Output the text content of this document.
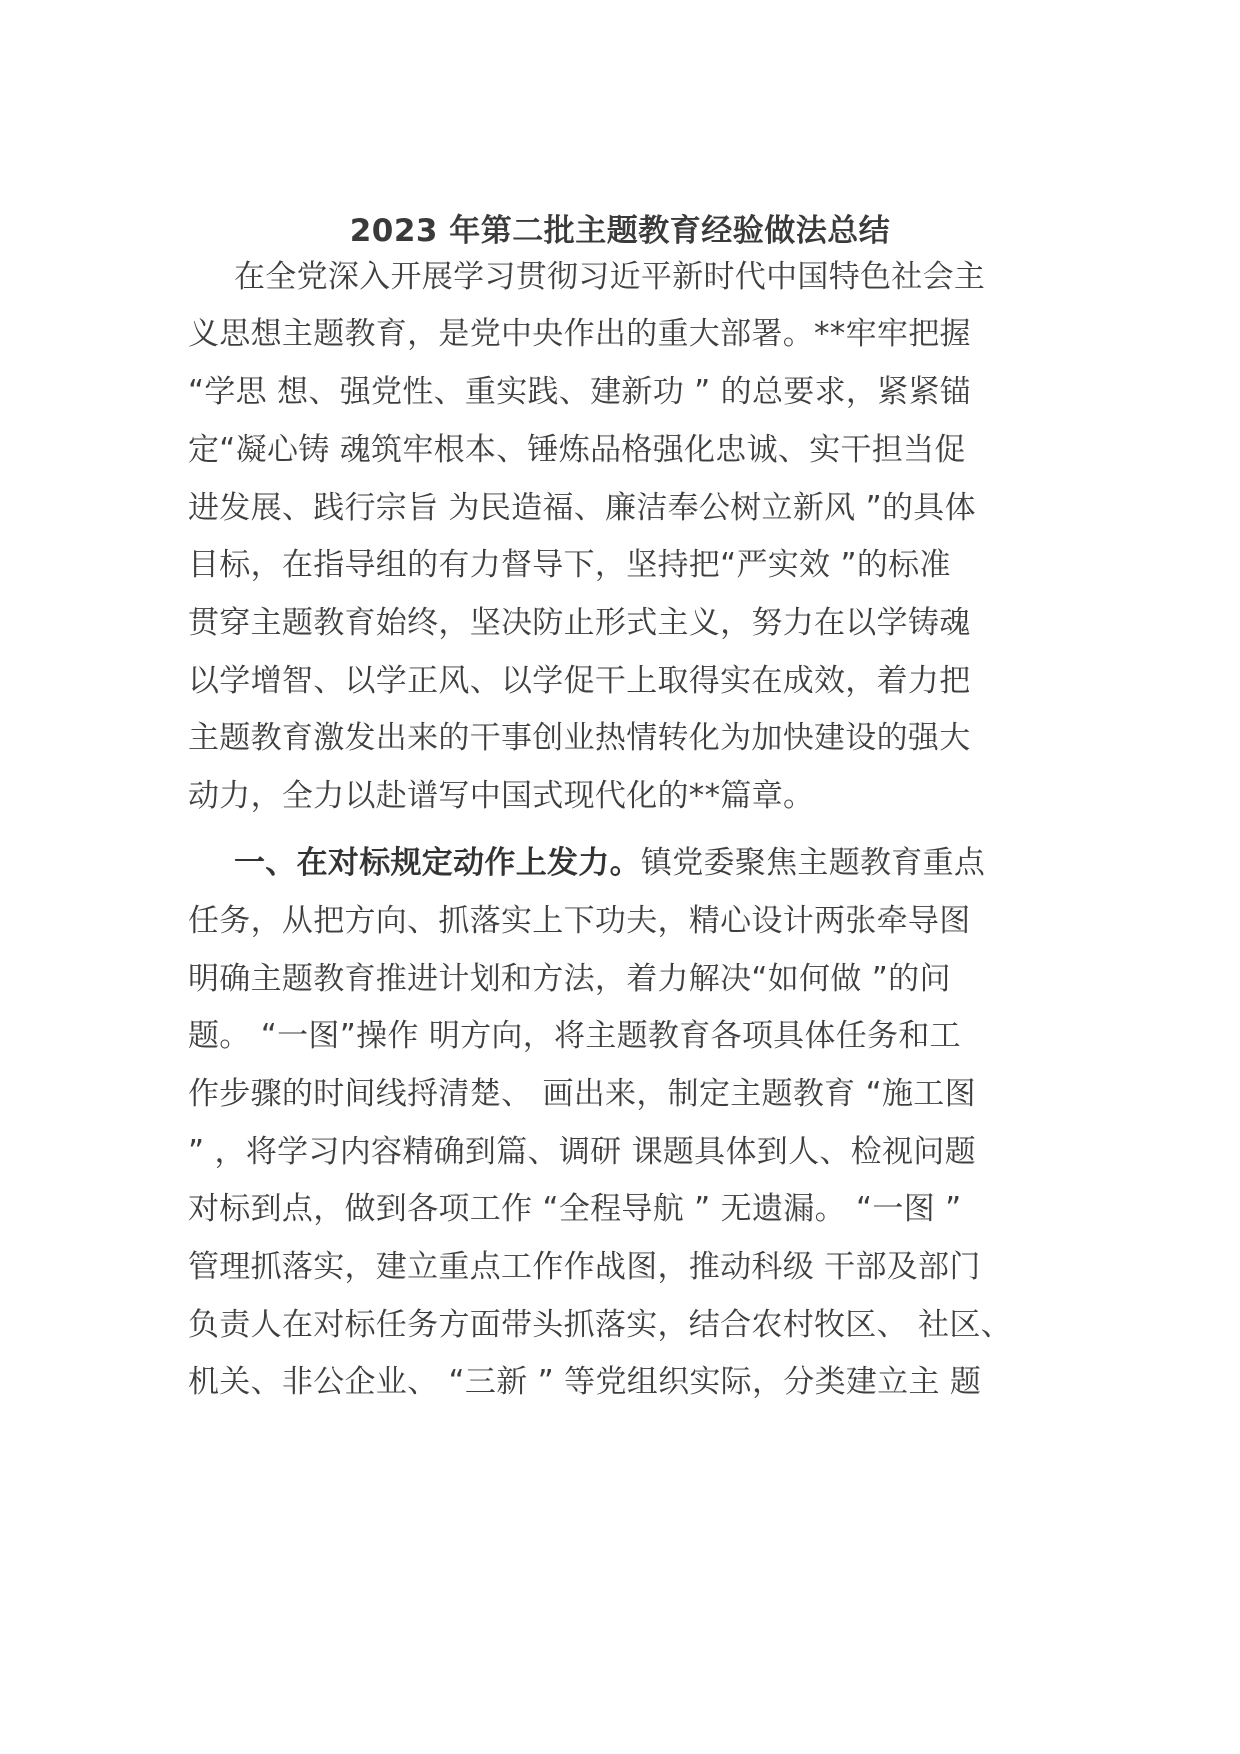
2023 年第二批主题教育经验做法总结
在全党深入开展学习贯彻习近平新时代中国特色社会主
义思想主题教育，是党中央作出的重大部署。**牢牢把握
“学思 想、强党性、重实践、建新功 ” 的总要求，紧紧锚
定“凝心铸 魂筑牢根本、锤炼品格强化忠诚、实干担当促
进发展、践行宗旨 为民造福、廉洁奉公树立新风 ”的具体
目标，在指导组的有力督导下，坚持把“严实效 ”的标准
贯穿主题教育始终，坚决防止形式主义，努力在以学铸魂
以学增智、以学正风、以学促干上取得实在成效，着力把
主题教育激发出来的干事创业热情转化为加快建设的强大
动力，全力以赴谱写中国式现代化的**篇章。
一、在对标规定动作上发力。镇党委聚焦主题教育重点
任务，从把方向、抓落实上下功夫，精心设计两张牵导图
明确主题教育推进计划和方法，着力解决“如何做 ”的问
题。 “一图”操作 明方向，将主题教育各项具体任务和工
作步骤的时间线捋清楚、 画出来，制定主题教育 “施工图
” ，将学习内容精确到篇、调研 课题具体到人、检视问题
对标到点，做到各项工作 “全程导航 ” 无遗漏。 “一图 ”
管理抓落实，建立重点工作作战图，推动科级 干部及部门
负责人在对标任务方面带头抓落实，结合农村牧区、 社区、
机关、非公企业、 “三新 ” 等党组织实际，分类建立主 题
